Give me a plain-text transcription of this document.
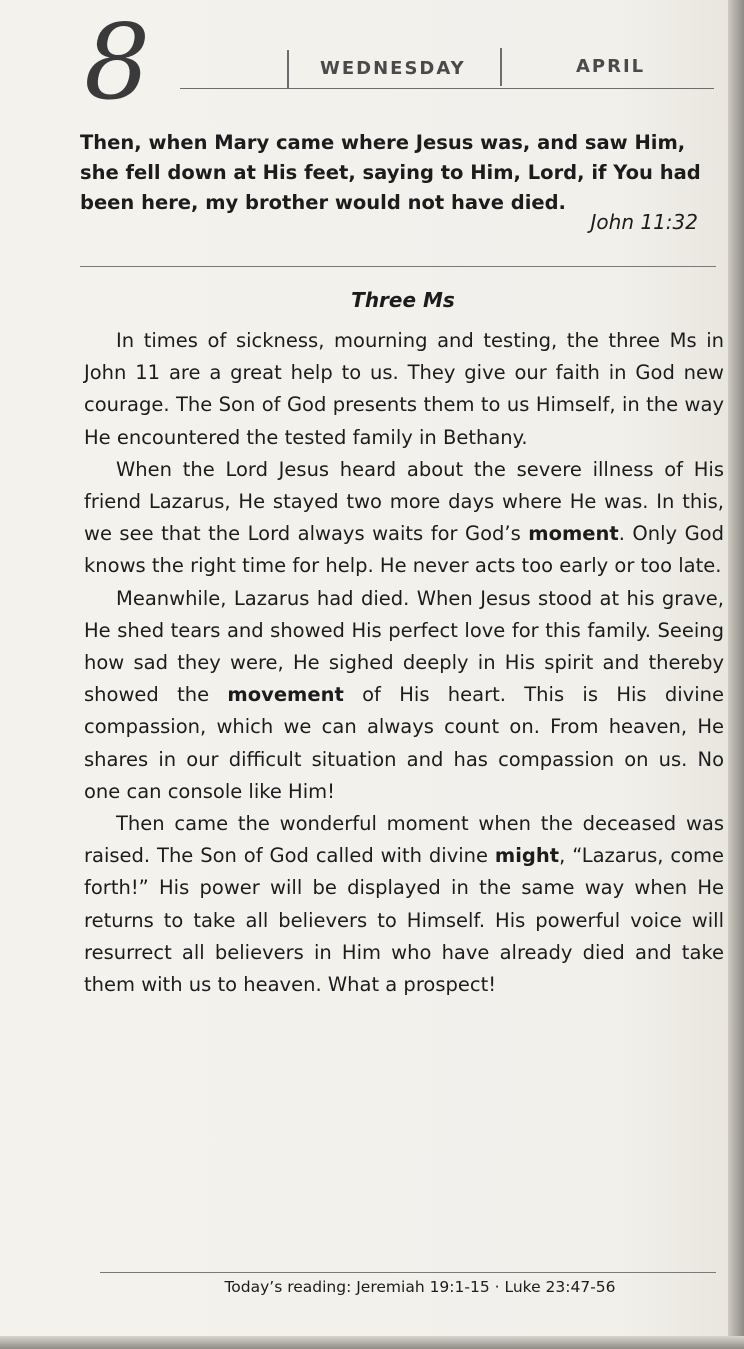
8	WEDNESDAY	APRIL

Then, when Mary came where Jesus was, and saw Him, she fell down at His feet, saying to Him, Lord, if You had been here, my brother would not have died.

John 11:32
Three Ms

In times of sickness, mourning and testing, the three Ms in John 11 are a great help to us. They give our faith in God new courage. The Son of God presents them to us Himself, in the way He encountered the tested family in Bethany.

When the Lord Jesus heard about the severe illness of His friend Lazarus, He stayed two more days where He was. In this, we see that the Lord always waits for God’s moment. Only God knows the right time for help. He never acts too early or too late.

Meanwhile, Lazarus had died. When Jesus stood at his grave, He shed tears and showed His perfect love for this family. Seeing how sad they were, He sighed deeply in His spirit and thereby showed the movement of His heart. This is His divine compassion, which we can always count on. From heaven, He shares in our difficult situation and has compassion on us. No one can console like Him!

Then came the wonderful moment when the deceased was raised. The Son of God called with divine might, “Lazarus, come forth!” His power will be displayed in the same way when He returns to take all believers to Himself. His powerful voice will resurrect all believers in Him who have already died and take them with us to heaven. What a prospect!

Today’s reading: Jeremiah 19:1-15 · Luke 23:47-56
